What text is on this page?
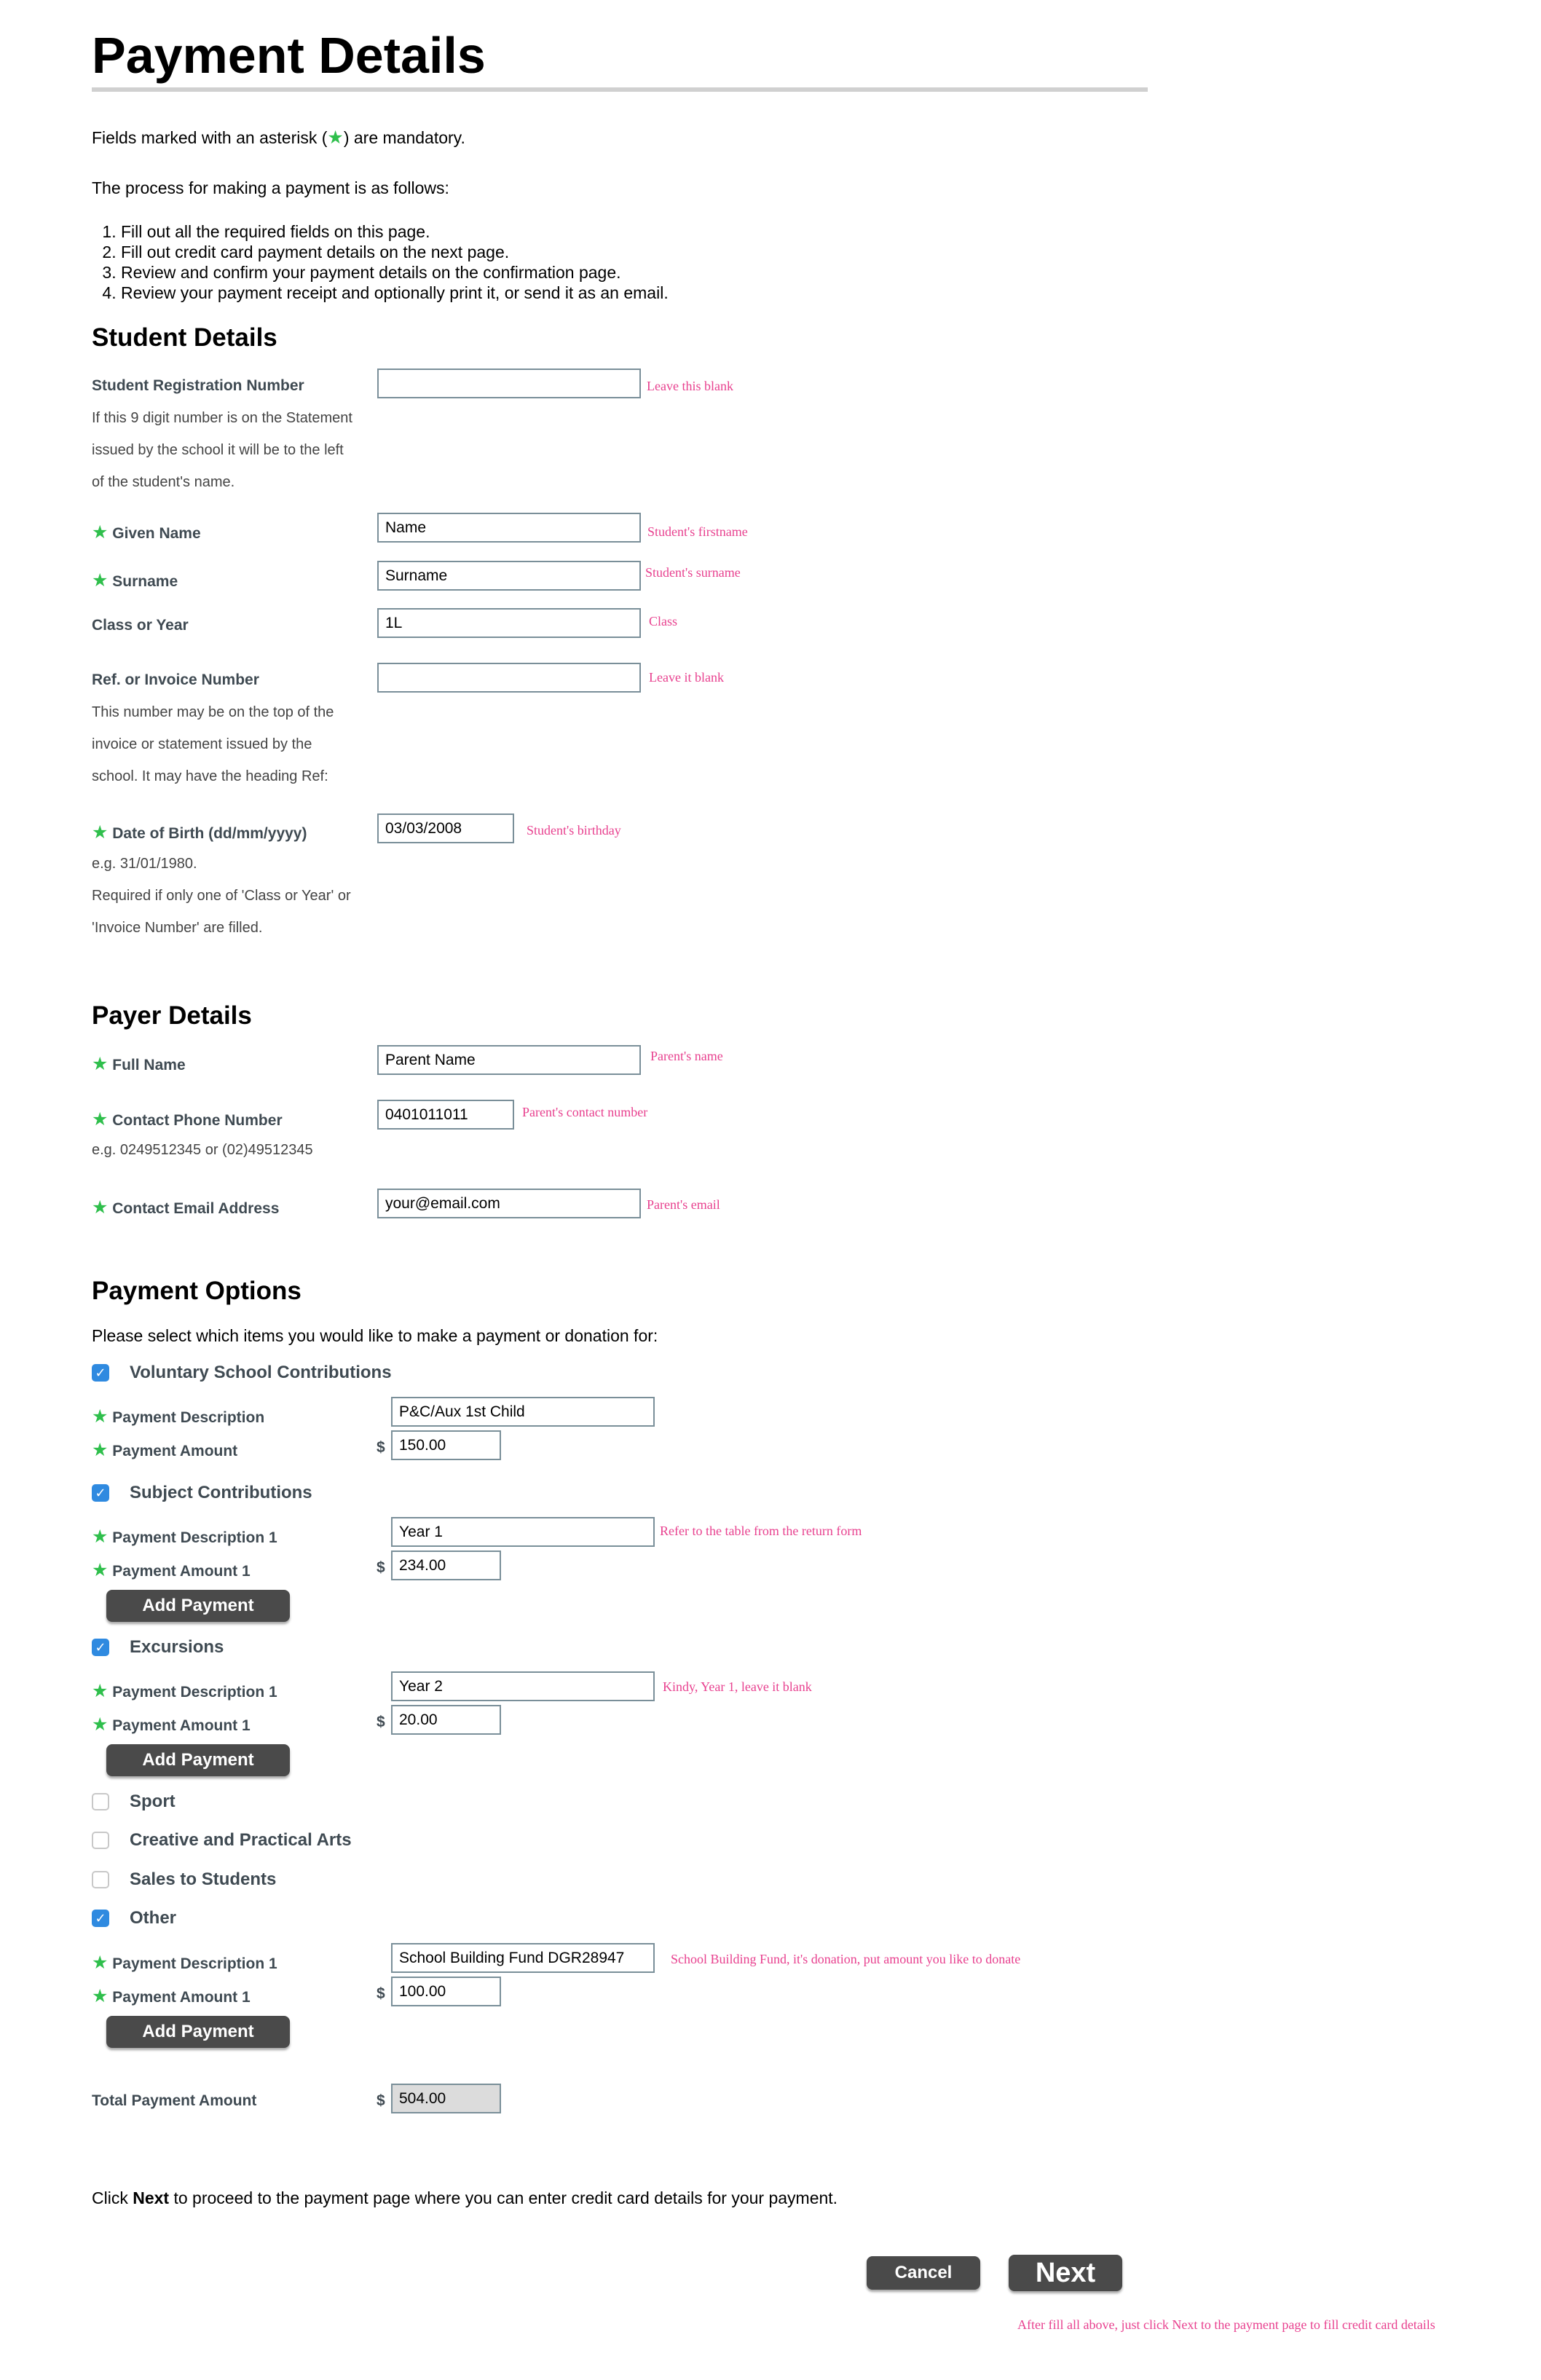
Payment Details
Fields marked with an asterisk (★) are mandatory.
The process for making a payment is as follows:
1. Fill out all the required fields on this page.
2. Fill out credit card payment details on the next page.
3. Review and confirm your payment details on the confirmation page.
4. Review your payment receipt and optionally print it, or send it as an email.
Student Details
Student Registration Number	Leave this blank
If this 9 digit number is on the Statement
issued by the school it will be to the left
of the student's name.
★ Given Name	Name	Student's firstname
★ Surname	Surname	Student's surname
Class or Year	1L	Class
Ref. or Invoice Number	Leave it blank
This number may be on the top of the
invoice or statement issued by the
school. It may have the heading Ref:
★ Date of Birth (dd/mm/yyyy)	03/03/2008	Student's birthday
e.g. 31/01/1980.
Required if only one of 'Class or Year' or
'Invoice Number' are filled.
Payer Details
★ Full Name	Parent Name	Parent's name
★ Contact Phone Number	0401011011	Parent's contact number
e.g. 0249512345 or (02)49512345
★ Contact Email Address	your@email.com	Parent's email
Payment Options
Please select which items you would like to make a payment or donation for:
✓ Voluntary School Contributions
★ Payment Description	P&C/Aux 1st Child
★ Payment Amount	$ 150.00
✓ Subject Contributions
★ Payment Description 1	Year 1	Refer to the table from the return form
★ Payment Amount 1	$ 234.00
Add Payment
✓ Excursions
★ Payment Description 1	Year 2	Kindy, Year 1, leave it blank
★ Payment Amount 1	$ 20.00
Add Payment
Sport
Creative and Practical Arts
Sales to Students
✓ Other
★ Payment Description 1	School Building Fund DGR28947	School Building Fund, it's donation, put amount you like to donate
★ Payment Amount 1	$ 100.00
Add Payment
Total Payment Amount	$ 504.00
Click Next to proceed to the payment page where you can enter credit card details for your payment.
Cancel	Next
After fill all above, just click Next to the payment page to fill credit card details
